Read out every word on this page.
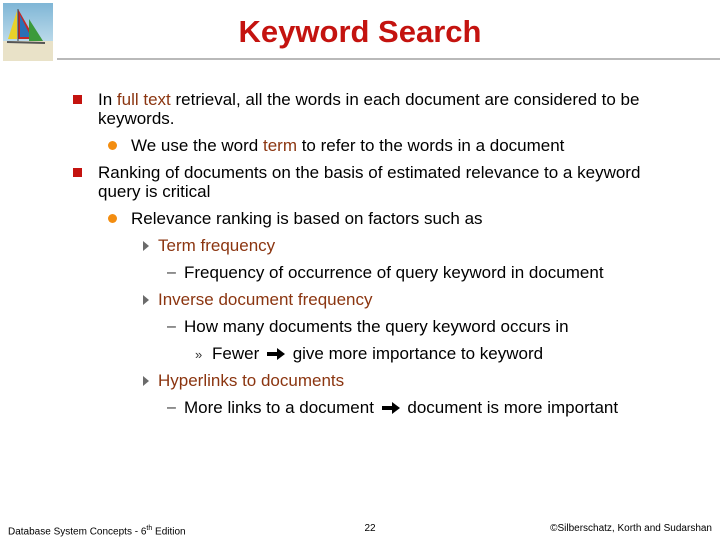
Keyword Search
In full text retrieval, all the words in each document are considered to be
keywords.
We use the word term to refer to the words in a document
Ranking of documents on the basis of estimated relevance to a keyword
query is critical
Relevance ranking is based on factors such as
Term frequency
– Frequency of occurrence of query keyword in document
Inverse document frequency
– How many documents the query keyword occurs in
» Fewer give more importance to keyword
Hyperlinks to documents
– More links to a document document is more important
Database System Concepts - 6th Edition	22	©Silberschatz, Korth and Sudarshan
